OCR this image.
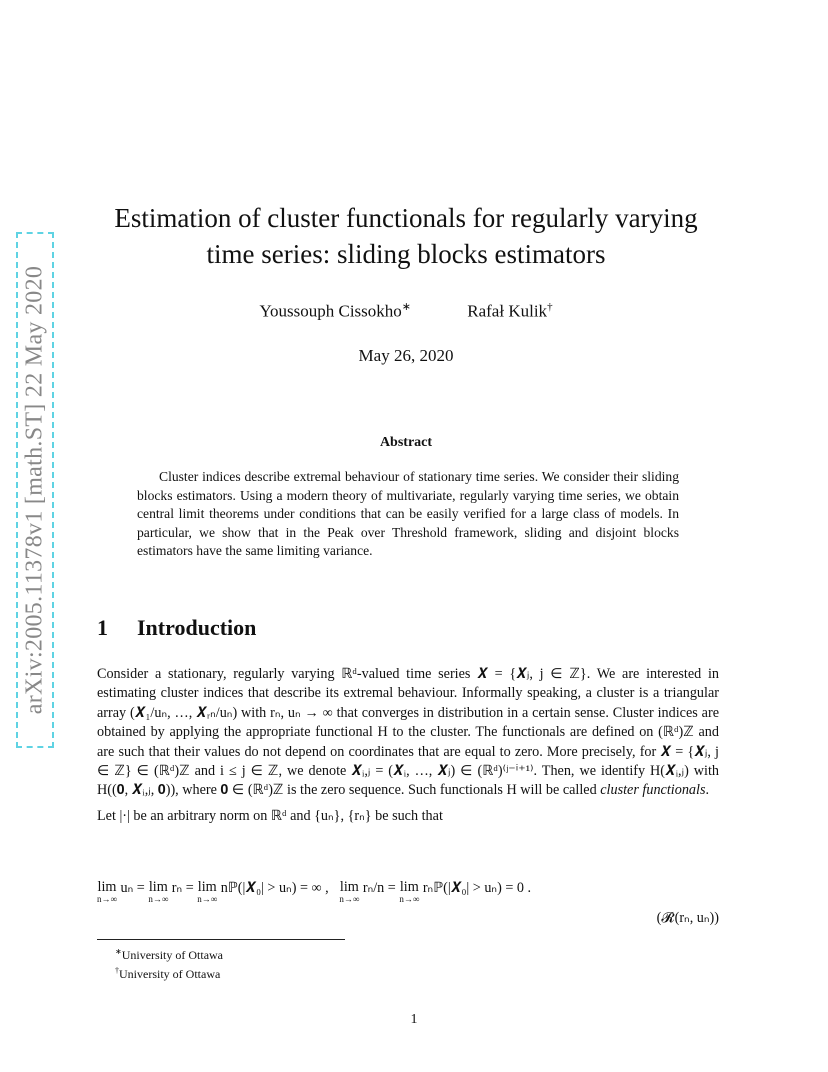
arXiv:2005.11378v1 [math.ST] 22 May 2020
Estimation of cluster functionals for regularly varying time series: sliding blocks estimators
Youssouph Cissokho∗	Rafał Kulik†
May 26, 2020
Abstract
Cluster indices describe extremal behaviour of stationary time series. We consider their sliding blocks estimators. Using a modern theory of multivariate, regularly varying time series, we obtain central limit theorems under conditions that can be easily verified for a large class of models. In particular, we show that in the Peak over Threshold framework, sliding and disjoint blocks estimators have the same limiting variance.
1 Introduction

Consider a stationary, regularly varying ℝᵈ-valued time series 𝑿 = {𝑿ⱼ, j ∈ ℤ}. We are interested in estimating cluster indices that describe its extremal behaviour. Informally speaking, a cluster is a triangular array (𝑿₁/uₙ, …, 𝑿ᵣₙ/uₙ) with rₙ, uₙ → ∞ that converges in distribution in a certain sense. Cluster indices are obtained by applying the appropriate functional H to the cluster. The functionals are defined on (ℝᵈ)ℤ and are such that their values do not depend on coordinates that are equal to zero. More precisely, for 𝑿 = {𝑿ⱼ, j ∈ ℤ} ∈ (ℝᵈ)ℤ and i ≤ j ∈ ℤ, we denote 𝑿ᵢ,ⱼ = (𝑿ᵢ, …, 𝑿ⱼ) ∈ (ℝᵈ)⁽ʲ⁻ⁱ⁺¹⁾. Then, we identify H(𝑿ᵢ,ⱼ) with H((𝟎, 𝑿ᵢ,ⱼ, 𝟎)), where 𝟎 ∈ (ℝᵈ)ℤ is the zero sequence. Such functionals H will be called cluster functionals.

Let |·| be an arbitrary norm on ℝᵈ and {uₙ}, {rₙ} be such that

lim
n→∞
uₙ = lim
n→∞
rₙ = lim
n→∞
nℙ(|𝑿₀| > uₙ) = ∞ , lim
n→∞
rₙ/n = lim
n→∞
rₙℙ(|𝑿₀| > uₙ) = 0 .
(𝓡(rₙ, uₙ))
∗University of Ottawa
†University of Ottawa
1
